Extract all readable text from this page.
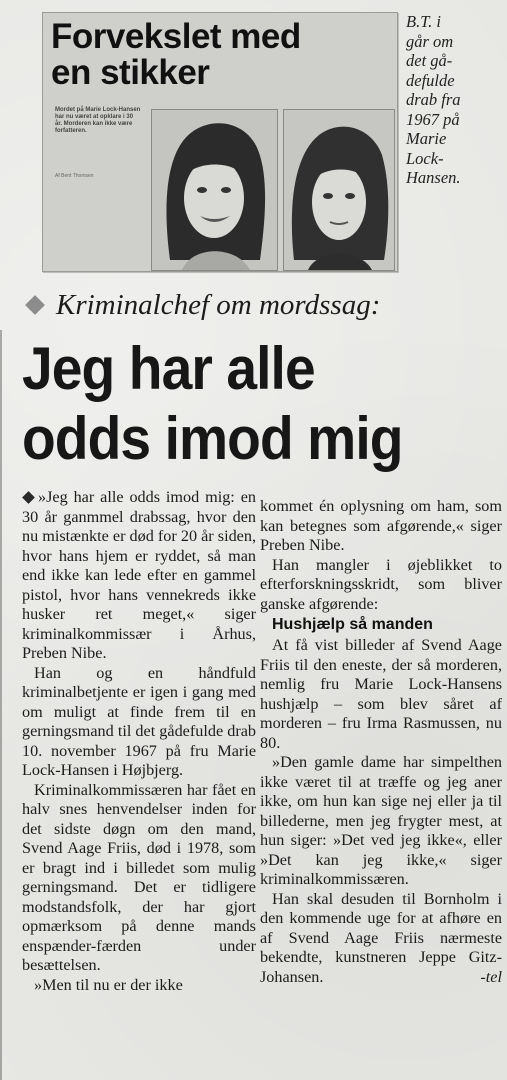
Forvekslet med
en stikker
Mordet på Marie Lock-Hansen har nu været at opklare i 30 år. Morderen kan ikke være forfatteren.
Af Bent Thomsen
B.T. i
går om
det gå-
defulde
drab fra
1967 på
Marie
Lock-
Hansen.
Kriminalchef om mordssag:
Jeg har alle
odds imod mig

»Jeg har alle odds imod mig: en 30 år ganmmel drabssag, hvor den nu mistænkte er død for 20 år siden, hvor hans hjem er ryddet, så man end ikke kan lede efter en gammel pistol, hvor hans vennekreds ikke husker ret meget,« siger kriminalkommissær i Århus, Preben Nibe.

Han og en håndfuld kriminalbetjente er igen i gang med om muligt at finde frem til en gerningsmand til det gådefulde drab 10. november 1967 på fru Marie Lock-Hansen i Højbjerg.

Kriminalkommissæren har fået en halv snes henvendelser inden for det sidste døgn om den mand, Svend Aage Friis, død i 1978, som er bragt ind i billedet som mulig gerningsmand. Det er tidligere modstandsfolk, der har gjort opmærksom på denne mands enspænder-færden under besættelsen.

»Men til nu er der ikke

kommet én oplysning om ham, som kan betegnes som afgørende,« siger Preben Nibe.

Han mangler i øjeblikket to efterforskningsskridt, som bliver ganske afgørende:

Hushjælp så manden

At få vist billeder af Svend Aage Friis til den eneste, der så morderen, nemlig fru Marie Lock-Hansens hushjælp – som blev såret af morderen – fru Irma Rasmussen, nu 80.

»Den gamle dame har simpelthen ikke været til at træffe og jeg aner ikke, om hun kan sige nej eller ja til billederne, men jeg frygter mest, at hun siger: »Det ved jeg ikke«, eller »Det kan jeg ikke,« siger kriminalkommissæren.

Han skal desuden til Bornholm i den kommende uge for at afhøre en af Svend Aage Friis nærmeste bekendte, kunstneren Jeppe Gitz-Johansen.	-tel
